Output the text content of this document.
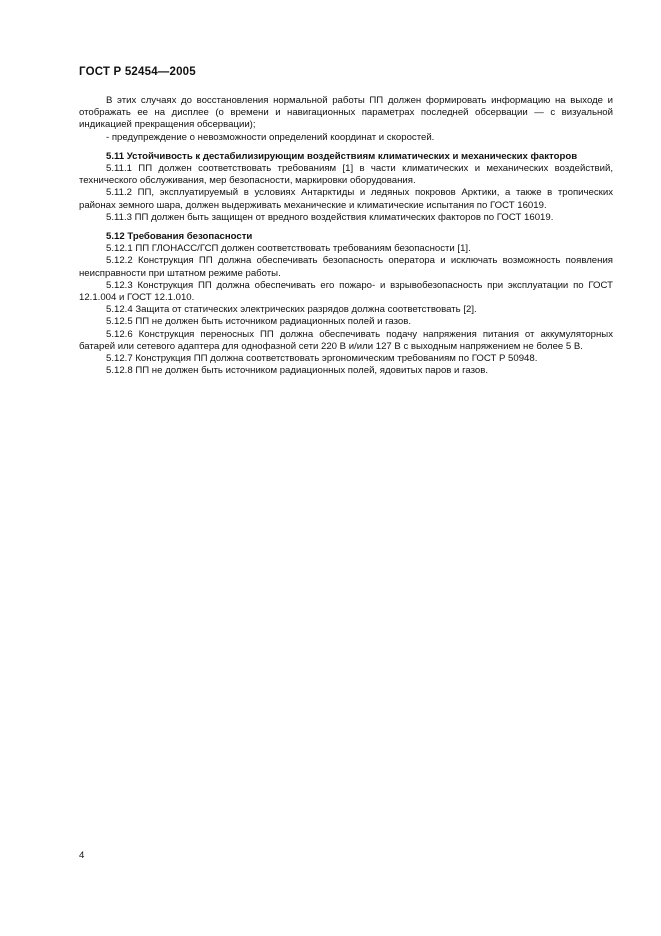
ГОСТ Р 52454—2005

В этих случаях до восстановления нормальной работы ПП должен формировать информацию на выходе и отображать ее на дисплее (о времени и навигационных параметрах последней обсервации — с визуальной индикацией прекращения обсервации);

- предупреждение о невозможности определений координат и скоростей.

5.11 Устойчивость к дестабилизирующим воздействиям климатических и механических факторов

5.11.1 ПП должен соответствовать требованиям [1] в части климатических и механических воздействий, технического обслуживания, мер безопасности, маркировки оборудования.

5.11.2 ПП, эксплуатируемый в условиях Антарктиды и ледяных покровов Арктики, а также в тропических районах земного шара, должен выдерживать механические и климатические испытания по ГОСТ 16019.

5.11.3 ПП должен быть защищен от вредного воздействия климатических факторов по ГОСТ 16019.

5.12 Требования безопасности

5.12.1 ПП ГЛОНАСС/ГСП должен соответствовать требованиям безопасности [1].

5.12.2 Конструкция ПП должна обеспечивать безопасность оператора и исключать возможность появления неисправности при штатном режиме работы.

5.12.3 Конструкция ПП должна обеспечивать его пожаро- и взрывобезопасность при эксплуатации по ГОСТ 12.1.004 и ГОСТ 12.1.010.

5.12.4 Защита от статических электрических разрядов должна соответствовать [2].

5.12.5 ПП не должен быть источником радиационных полей и газов.

5.12.6 Конструкция переносных ПП должна обеспечивать подачу напряжения питания от аккумуляторных батарей или сетевого адаптера для однофазной сети 220 В и/или 127 В с выходным напряжением не более 5 В.

5.12.7 Конструкция ПП должна соответствовать эргономическим требованиям по ГОСТ Р 50948.

5.12.8 ПП не должен быть источником радиационных полей, ядовитых паров и газов.

4
